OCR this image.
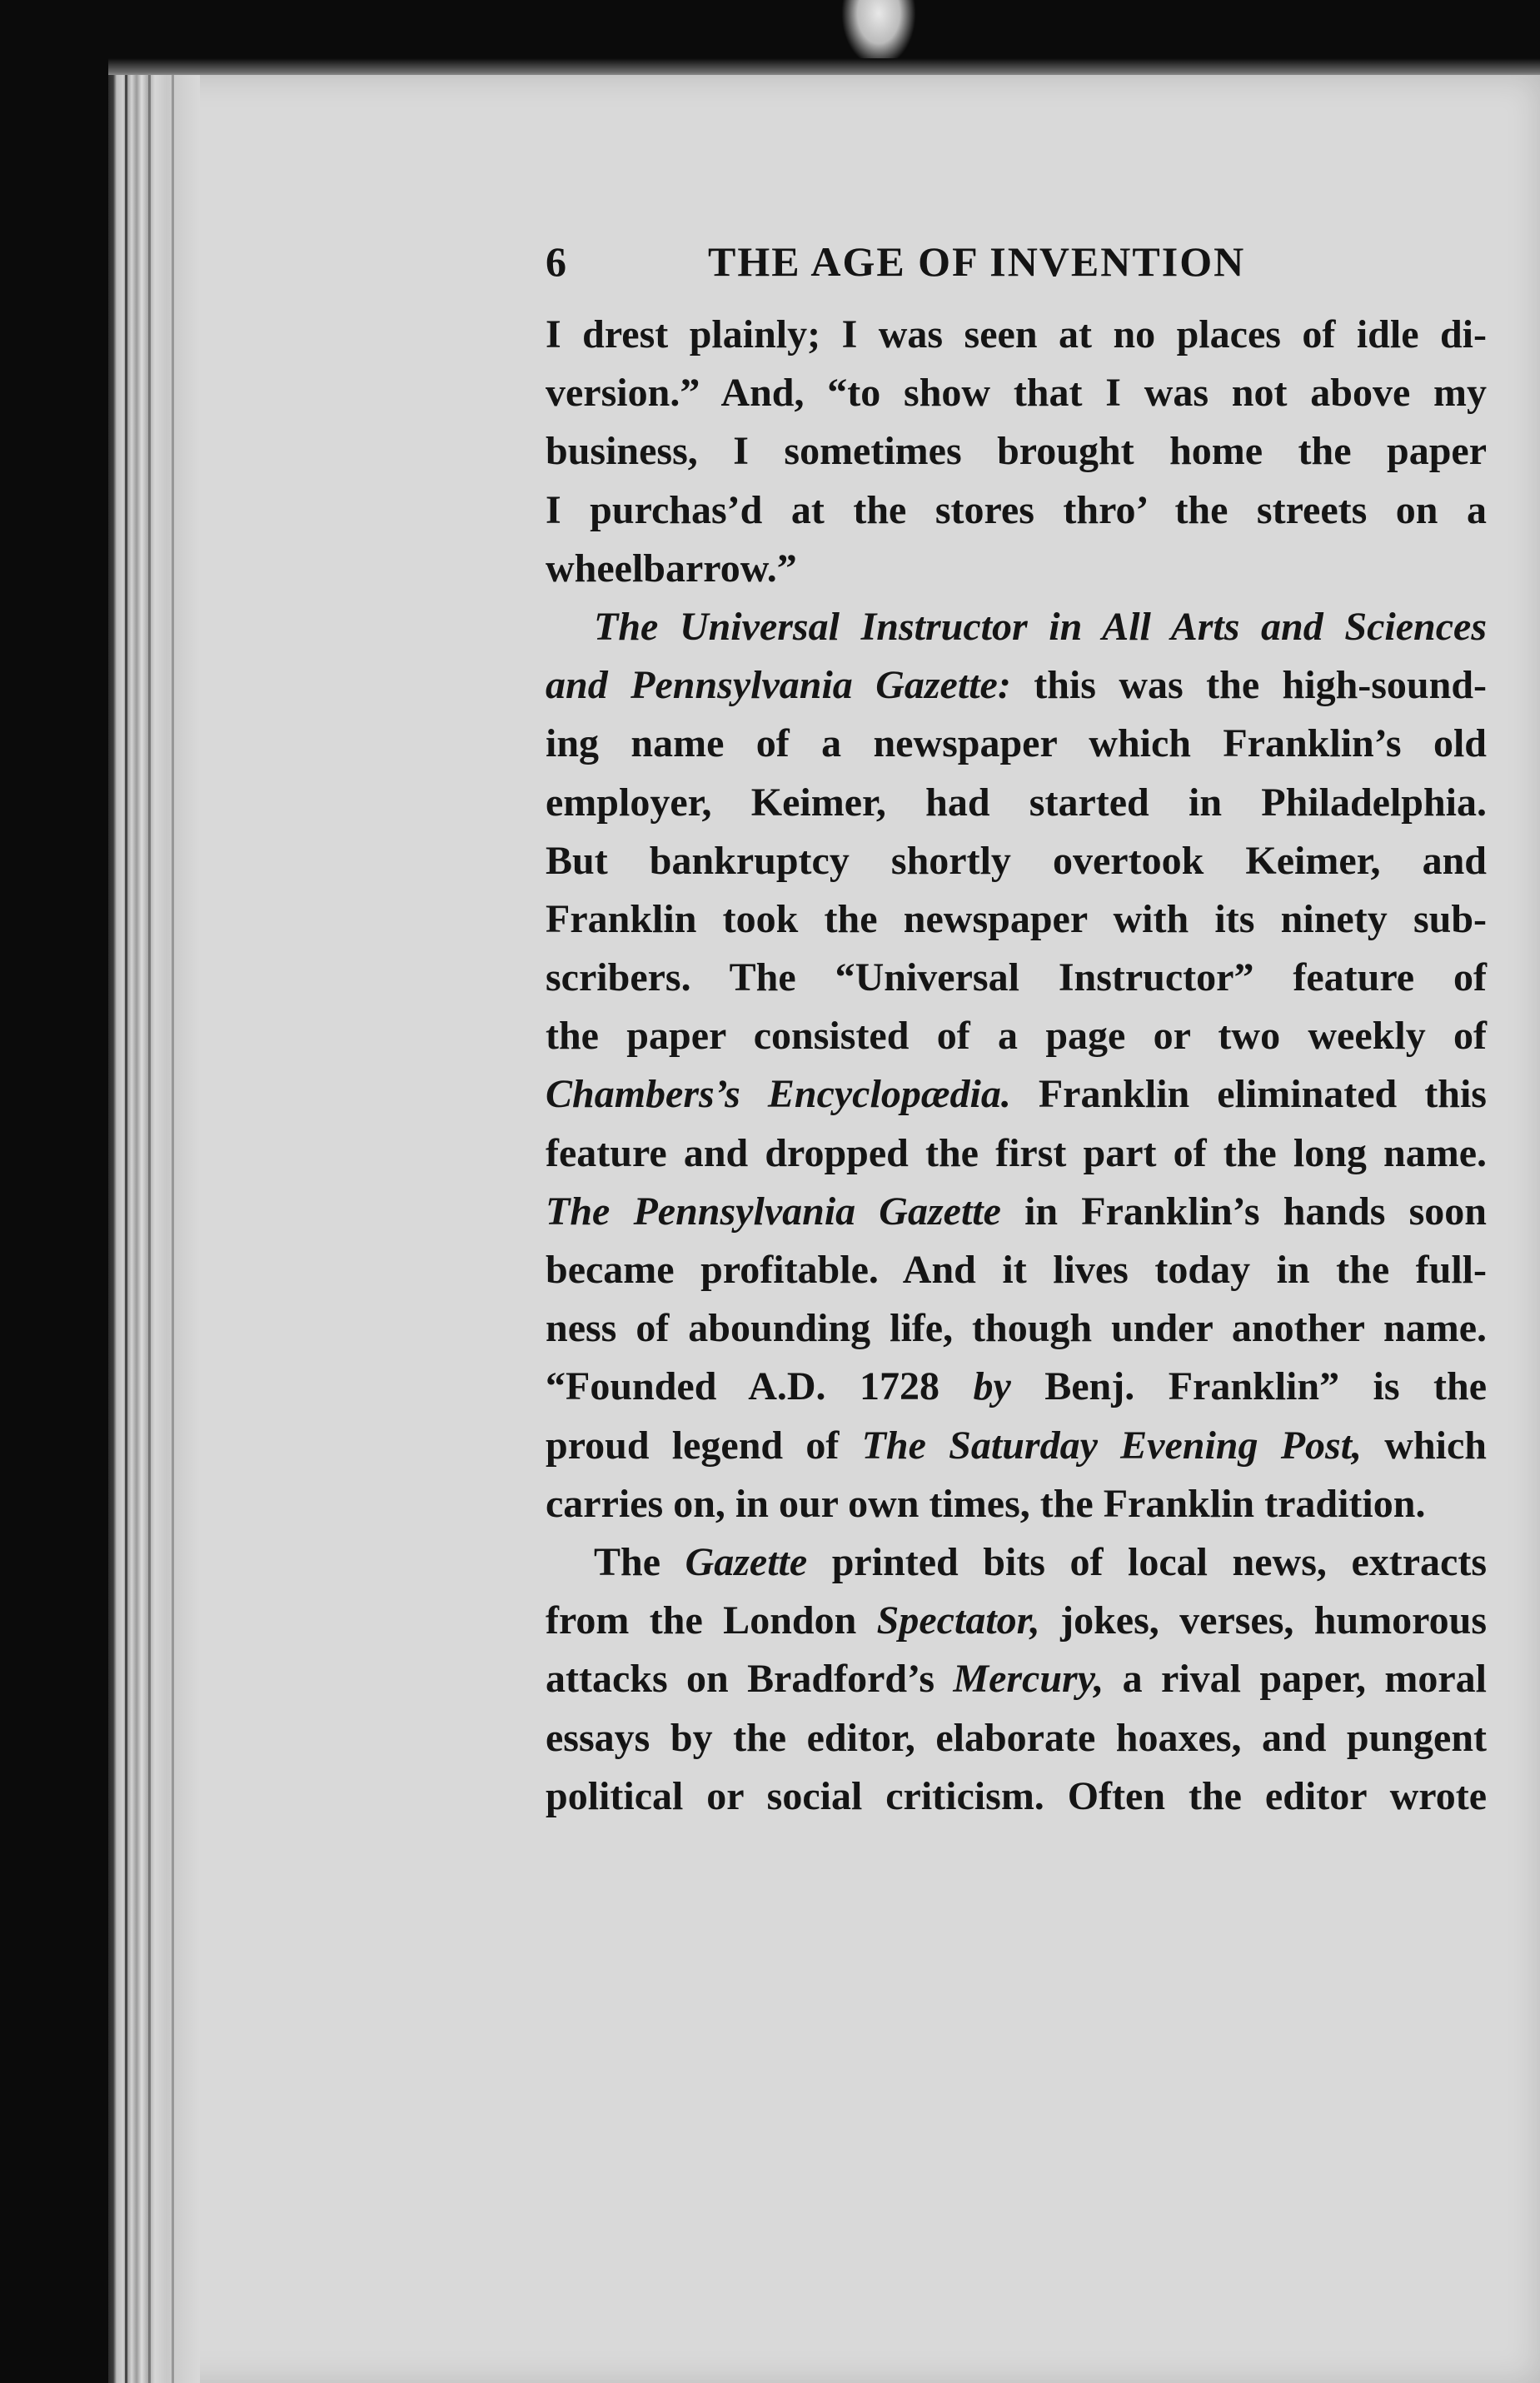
6	THE AGE OF INVENTION
I drest plainly; I was seen at no places of idle di-
version.” And, “to show that I was not above my
business, I sometimes brought home the paper
I purchas’d at the stores thro’ the streets on a
wheelbarrow.”
The Universal Instructor in All Arts and Sciences
and Pennsylvania Gazette: this was the high-sound-
ing name of a newspaper which Franklin’s old
employer, Keimer, had started in Philadelphia.
But bankruptcy shortly overtook Keimer, and
Franklin took the newspaper with its ninety sub-
scribers. The “Universal Instructor” feature of
the paper consisted of a page or two weekly of
Chambers’s Encyclopædia. Franklin eliminated this
feature and dropped the first part of the long name.
The Pennsylvania Gazette in Franklin’s hands soon
became profitable. And it lives today in the full-
ness of abounding life, though under another name.
“Founded A.D. 1728 by Benj. Franklin” is the
proud legend of The Saturday Evening Post, which
carries on, in our own times, the Franklin tradition.
The Gazette printed bits of local news, extracts
from the London Spectator, jokes, verses, humorous
attacks on Bradford’s Mercury, a rival paper, moral
essays by the editor, elaborate hoaxes, and pungent
political or social criticism. Often the editor wrote
